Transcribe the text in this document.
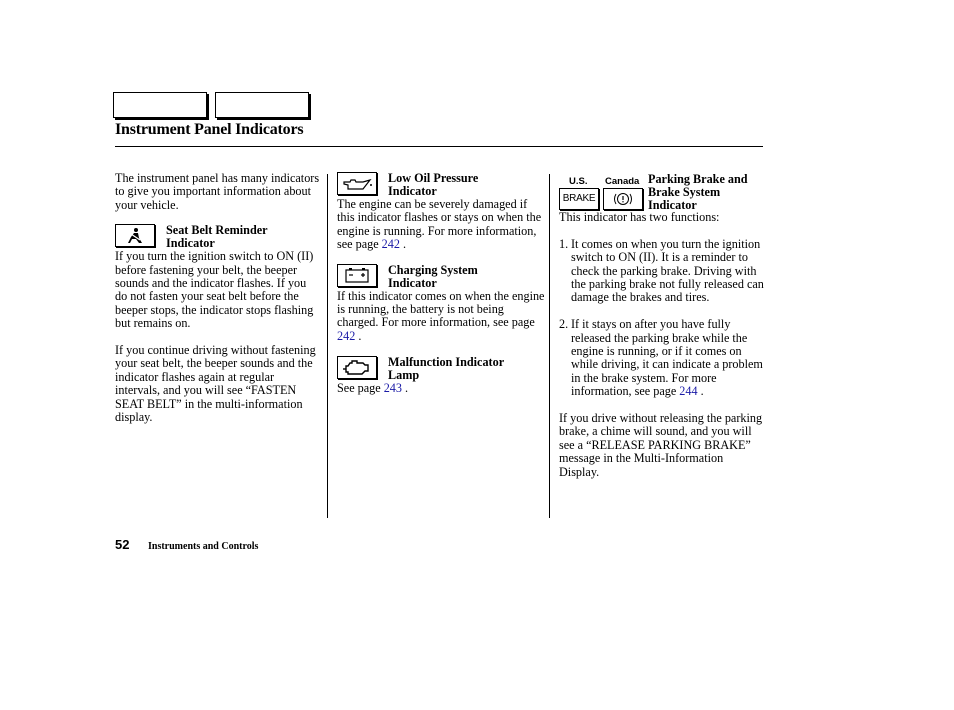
Instrument Panel Indicators

The instrument panel has many indicators to give you important information about your vehicle.

Seat Belt Reminder
Indicator

If you turn the ignition switch to ON (II) before fastening your belt, the beeper sounds and the indicator flashes. If you do not fasten your seat belt before the beeper stops, the indicator stops flashing but remains on.

If you continue driving without fastening your seat belt, the beeper sounds and the indicator flashes again at regular intervals, and you will see “FASTEN SEAT BELT” in the multi-information display.

Low Oil Pressure
Indicator

The engine can be severely damaged if this indicator flashes or stays on when the engine is running. For more information, see page 242 .

Charging System
Indicator

If this indicator comes on when the engine is running, the battery is not being charged. For more information, see page 242 .

Malfunction Indicator
Lamp

See page 243 .

U.S. Canada
BRAKE
Parking Brake and
Brake System
Indicator

This indicator has two functions:

1. It comes on when you turn the ignition switch to ON (II). It is a reminder to check the parking brake. Driving with the parking brake not fully released can damage the brakes and tires.
2. If it stays on after you have fully released the parking brake while the engine is running, or if it comes on while driving, it can indicate a problem in the brake system. For more information, see page 244 .

If you drive without releasing the parking brake, a chime will sound, and you will see a “RELEASE PARKING BRAKE” message in the Multi-Information Display.

52 Instruments and Controls
